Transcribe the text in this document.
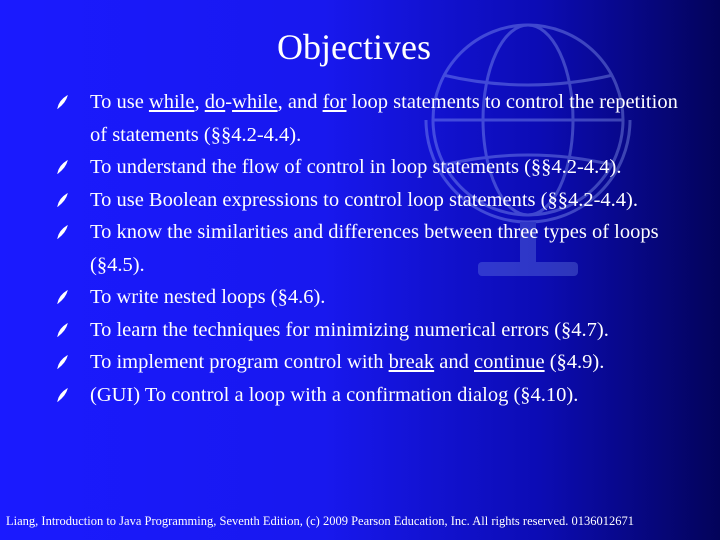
Objectives
To use while, do-while, and for loop statements to control the repetition of statements (§§4.2-4.4).
To understand the flow of control in loop statements (§§4.2-4.4).
To use Boolean expressions to control loop statements (§§4.2-4.4).
To know the similarities and differences between three types of loops (§4.5).
To write nested loops (§4.6).
To learn the techniques for minimizing numerical errors (§4.7).
To implement program control with break and continue (§4.9).
(GUI) To control a loop with a confirmation dialog (§4.10).
Liang, Introduction to Java Programming, Seventh Edition, (c) 2009 Pearson Education, Inc. All rights reserved. 0136012671
